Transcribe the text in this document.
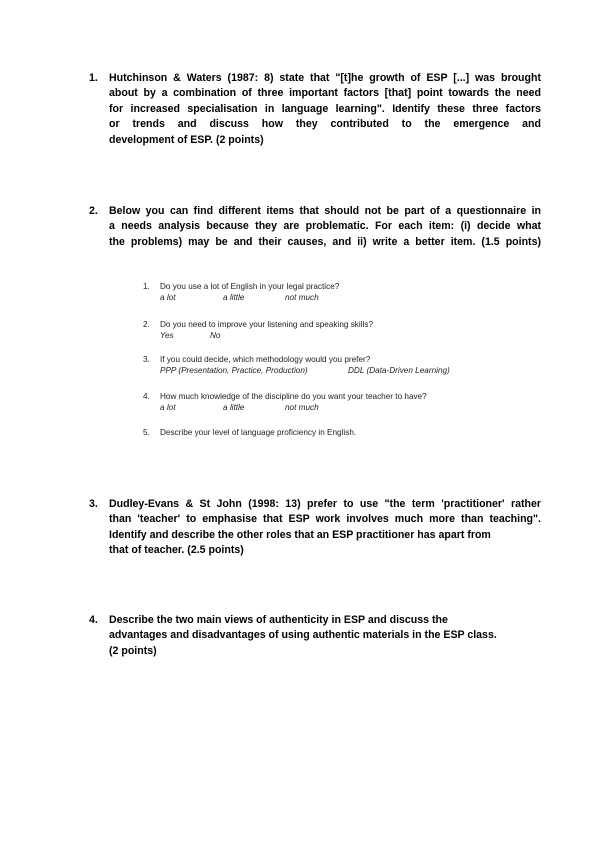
1. Hutchinson & Waters (1987: 8) state that "[t]he growth of ESP [...] was brought
about by a combination of three important factors [that] point towards the need
for increased specialisation in language learning". Identify these three factors
or trends and discuss how they contributed to the emergence and
development of ESP. (2 points)
2. Below you can find different items that should not be part of a questionnaire in
a needs analysis because they are problematic. For each item: (i) decide what
the problems) may be and their causes, and ii) write a better item. (1.5 points)
1. Do you use a lot of English in your legal practice?
a lot	a little	not much
2. Do you need to improve your listening and speaking skills?
Yes	No
3. If you could decide, which methodology would you prefer?
PPP (Presentation, Practice, Production)	DDL (Data-Driven Learning)
4. How much knowledge of the discipline do you want your teacher to have?
a lot	a little	not much
5. Describe your level of language proficiency in English.
3. Dudley-Evans & St John (1998: 13) prefer to use "the term 'practitioner' rather
than 'teacher' to emphasise that ESP work involves much more than teaching".
Identify and describe the other roles that an ESP practitioner has apart from
that of teacher. (2.5 points)
4. Describe the two main views of authenticity in ESP and discuss the
advantages and disadvantages of using authentic materials in the ESP class.
(2 points)
